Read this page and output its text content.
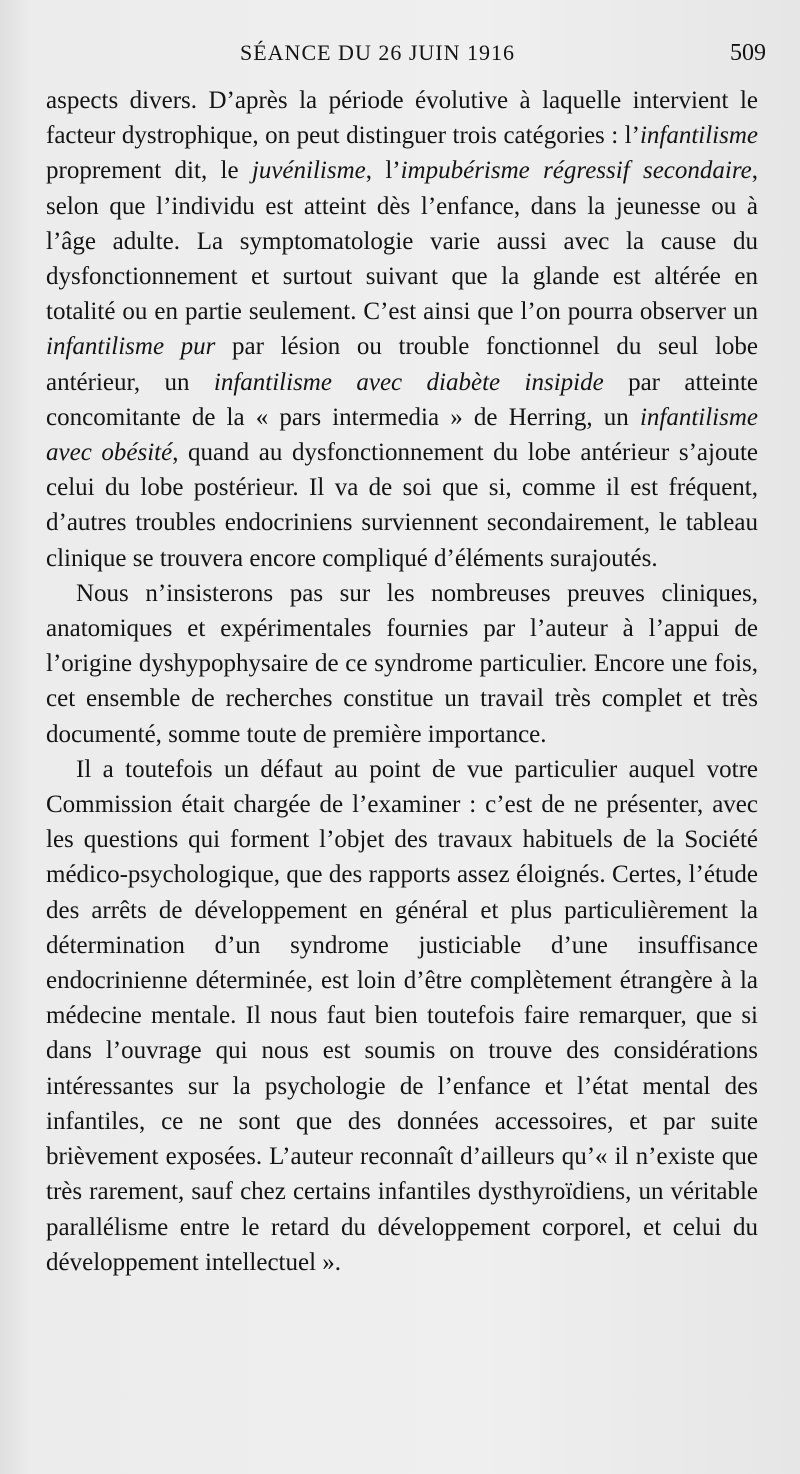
SÉANCE DU 26 JUIN 1916	509

aspects divers. D’après la période évolutive à laquelle intervient le facteur dystrophique, on peut distinguer trois catégories : l’infantilisme proprement dit, le juvénilisme, l’impubérisme régressif secondaire, selon que l’individu est atteint dès l’enfance, dans la jeunesse ou à l’âge adulte. La symptomatologie varie aussi avec la cause du dysfonctionnement et surtout suivant que la glande est altérée en totalité ou en partie seulement. C’est ainsi que l’on pourra observer un infantilisme pur par lésion ou trouble fonctionnel du seul lobe antérieur, un infantilisme avec diabète insipide par atteinte concomitante de la « pars intermedia » de Herring, un infantilisme avec obésité, quand au dysfonctionnement du lobe antérieur s’ajoute celui du lobe postérieur. Il va de soi que si, comme il est fréquent, d’autres troubles endocriniens surviennent secondairement, le tableau clinique se trouvera encore compliqué d’éléments surajoutés.

Nous n’insisterons pas sur les nombreuses preuves cliniques, anatomiques et expérimentales fournies par l’auteur à l’appui de l’origine dyshypophysaire de ce syndrome particulier. Encore une fois, cet ensemble de recherches constitue un travail très complet et très documenté, somme toute de première importance.

Il a toutefois un défaut au point de vue particulier auquel votre Commission était chargée de l’examiner : c’est de ne présenter, avec les questions qui forment l’objet des travaux habituels de la Société médico-psychologique, que des rapports assez éloignés. Certes, l’étude des arrêts de développement en général et plus particulièrement la détermination d’un syndrome justiciable d’une insuffisance endocrinienne déterminée, est loin d’être complètement étrangère à la médecine mentale. Il nous faut bien toutefois faire remarquer, que si dans l’ouvrage qui nous est soumis on trouve des considérations intéressantes sur la psychologie de l’enfance et l’état mental des infantiles, ce ne sont que des données accessoires, et par suite brièvement exposées. L’auteur reconnaît d’ailleurs qu’« il n’existe que très rarement, sauf chez certains infantiles dysthyroïdiens, un véritable parallélisme entre le retard du développement corporel, et celui du développement intellectuel ».
